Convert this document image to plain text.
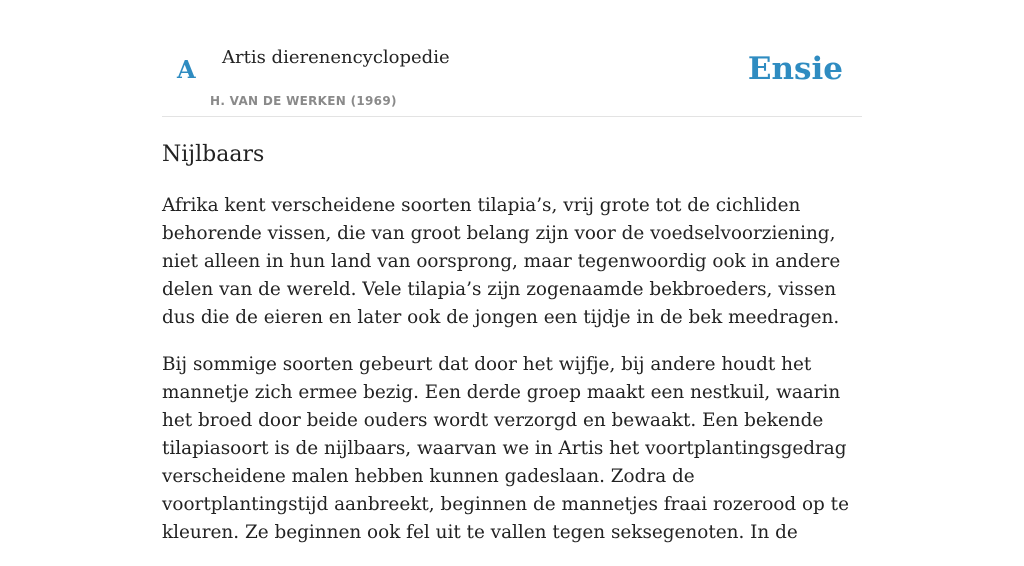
A Artis dierenencyclopedie
H. VAN DE WERKEN (1969)
Ensie
Nijlbaars

Afrika kent verscheidene soorten tilapia’s, vrij grote tot de cichliden behorende vissen, die van groot belang zijn voor de voedselvoorziening, niet alleen in hun land van oorsprong, maar tegenwoordig ook in andere delen van de wereld. Vele tilapia’s zijn zogenaamde bekbroeders, vissen dus die de eieren en later ook de jongen een tijdje in de bek meedragen.

Bij sommige soorten gebeurt dat door het wijfje, bij andere houdt het mannetje zich ermee bezig. Een derde groep maakt een nestkuil, waarin het broed door beide ouders wordt verzorgd en bewaakt. Een bekende tilapiasoort is de nijlbaars, waarvan we in Artis het voortplantingsgedrag verscheidene malen hebben kunnen gadeslaan. Zodra de voortplantingstijd aanbreekt, beginnen de mannetjes fraai rozerood op te kleuren. Ze beginnen ook fel uit te vallen tegen seksegenoten. In de
